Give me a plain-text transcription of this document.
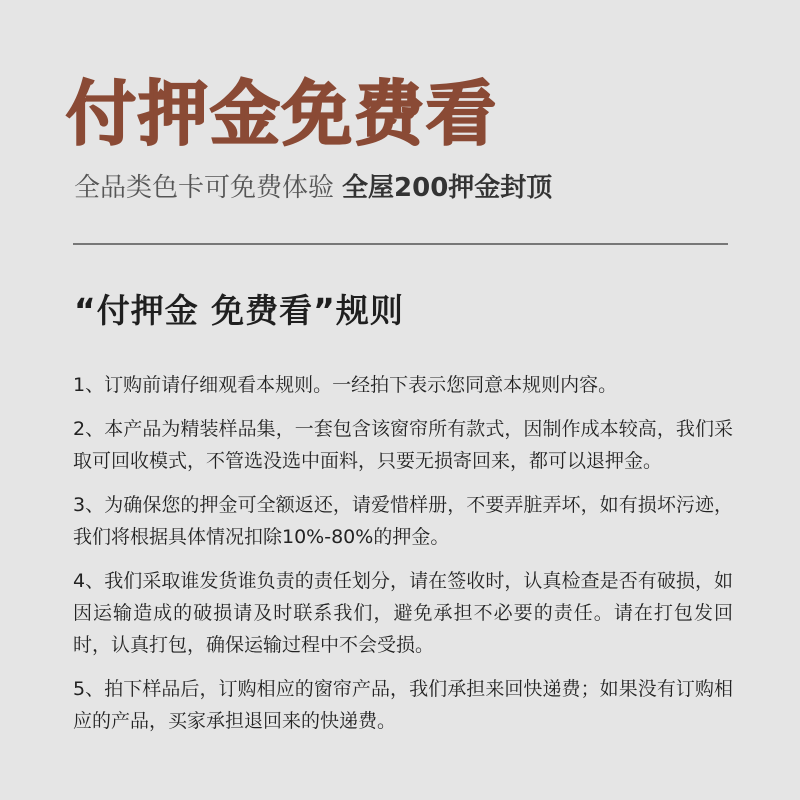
付押金免费看
全品类色卡可免费体验 全屋200押金封顶
“付押金 免费看”规则
1、订购前请仔细观看本规则。一经拍下表示您同意本规则内容。
2、本产品为精装样品集，一套包含该窗帘所有款式，因制作成本较高，我们采取可回收模式，不管选没选中面料，只要无损寄回来，都可以退押金。
3、为确保您的押金可全额返还，请爱惜样册，不要弄脏弄坏，如有损坏污迹，我们将根据具体情况扣除10%-80%的押金。
4、我们采取谁发货谁负责的责任划分，请在签收时，认真检查是否有破损，如因运输造成的破损请及时联系我们，避免承担不必要的责任。请在打包发回时，认真打包，确保运输过程中不会受损。
5、拍下样品后，订购相应的窗帘产品，我们承担来回快递费；如果没有订购相应的产品，买家承担退回来的快递费。
